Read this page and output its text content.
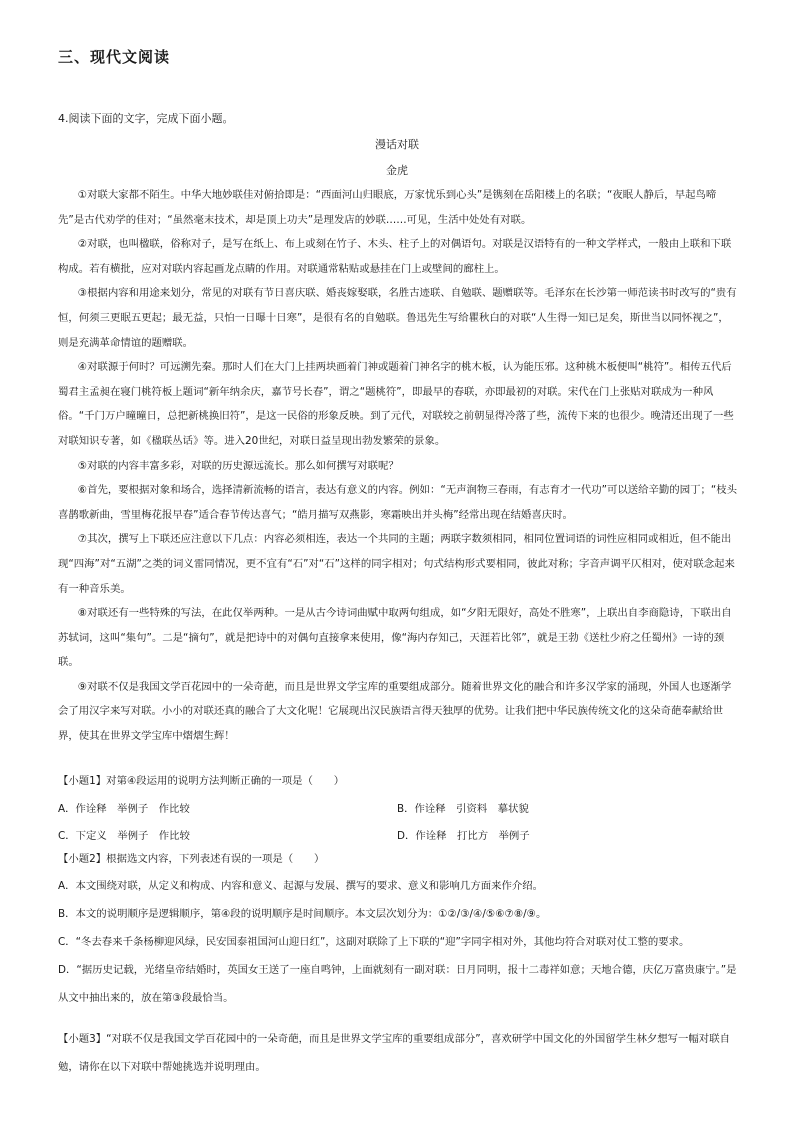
三、现代文阅读
4.阅读下面的文字，完成下面小题。
漫话对联
金虎

①对联大家都不陌生。中华大地妙联佳对俯拾即是：“西面河山归眼底，万家忧乐到心头”是镌刻在岳阳楼上的名联；“夜眠人静后，早起鸟啼先”是古代劝学的佳对；“虽然毫末技术，却是顶上功夫”是理发店的妙联……可见，生活中处处有对联。

②对联，也叫楹联，俗称对子，是写在纸上、布上或刻在竹子、木头、柱子上的对偶语句。对联是汉语特有的一种文学样式，一般由上联和下联构成。若有横批，应对对联内容起画龙点睛的作用。对联通常粘贴或悬挂在门上或壁间的廊柱上。

③根据内容和用途来划分，常见的对联有节日喜庆联、婚丧嫁娶联，名胜古迹联、自勉联、题赠联等。毛泽东在长沙第一师范读书时改写的“贵有恒，何须三更眠五更起；最无益，只怕一日曝十日寒”，是很有名的自勉联。鲁迅先生写给瞿秋白的对联“人生得一知已足矣，斯世当以同怀视之”，则是充满革命情谊的题赠联。

④对联源于何时？可远溯先秦。那时人们在大门上挂两块画着门神或题着门神名字的桃木板，认为能压邪。这种桃木板便叫“桃符”。相传五代后蜀君主孟昶在寝门桃符板上题词“新年纳余庆，嘉节号长春”，谓之“题桃符”，即最早的春联，亦即最初的对联。宋代在门上张贴对联成为一种风俗。“千门万户曈曈日，总把新桃换旧符”，是这一民俗的形象反映。到了元代，对联较之前朝显得冷落了些，流传下来的也很少。晚清还出现了一些对联知识专著，如《楹联丛话》等。进入20世纪，对联日益呈现出勃发繁荣的景象。

⑤对联的内容丰富多彩，对联的历史源远流长。那么如何撰写对联呢？

⑥首先，要根据对象和场合，选择清新流畅的语言，表达有意义的内容。例如：“无声润物三春雨，有志育才一代功”可以送给辛勤的园丁；“枝头喜鹊歌新曲，雪里梅花报早春”适合春节传达喜气；“皓月描写双燕影，寒霜映出并头梅”经常出现在结婚喜庆时。

⑦其次，撰写上下联还应注意以下几点：内容必须相连，表达一个共同的主题；两联字数须相同，相同位置词语的词性应相同或相近，但不能出现“四海”对“五湖”之类的词义雷同情况，更不宜有“石”对“石”这样的同字相对；句式结构形式要相同，彼此对称；字音声调平仄相对，使对联念起来有一种音乐美。

⑧对联还有一些特殊的写法，在此仅举两种。一是从古今诗词曲赋中取两句组成，如“夕阳无限好，高处不胜寒”，上联出自李商隐诗，下联出自苏轼词，这叫“集句”。二是“摘句”，就是把诗中的对偶句直接拿来使用，像“海内存知己，天涯若比邻”，就是王勃《送杜少府之任蜀州》一诗的颈联。

⑨对联不仅是我国文学百花园中的一朵奇葩，而且是世界文学宝库的重要组成部分。随着世界文化的融合和许多汉学家的涌现，外国人也逐渐学会了用汉字来写对联。小小的对联还真的融合了大文化呢！它展现出汉民族语言得天独厚的优势。让我们把中华民族传统文化的这朵奇葩奉献给世界，使其在世界文学宝库中熠熠生辉！

【小题1】对第④段运用的说明方法判断正确的一项是（　　）
A．作诠释　举例子　作比较	B．作诠释　引资料　摹状貌
C．下定义　举例子　作比较	D．作诠释　打比方　举例子
【小题2】根据选文内容，下列表述有误的一项是（　　）

A．本文围绕对联，从定义和构成、内容和意义、起源与发展、撰写的要求、意义和影响几方面来作介绍。

B．本文的说明顺序是逻辑顺序，第④段的说明顺序是时间顺序。本文层次划分为：①②/③/④/⑤⑥⑦⑧/⑨。

C．“冬去春来千条杨柳迎风绿，民安国泰祖国河山迎日红”，这副对联除了上下联的“迎”字同字相对外，其他均符合对联对仗工整的要求。

D．“据历史记载，光绪皇帝结婚时，英国女王送了一座自鸣钟，上面就刻有一副对联：日月同明，报十二毒祥如意；天地合德，庆亿万富贵康宁。”是从文中抽出来的，放在第③段最恰当。

【小题3】“对联不仅是我国文学百花园中的一朵奇葩，而且是世界文学宝库的重要组成部分”，喜欢研学中国文化的外国留学生林夕想写一幅对联自勉，请你在以下对联中帮她挑选并说明理由。
